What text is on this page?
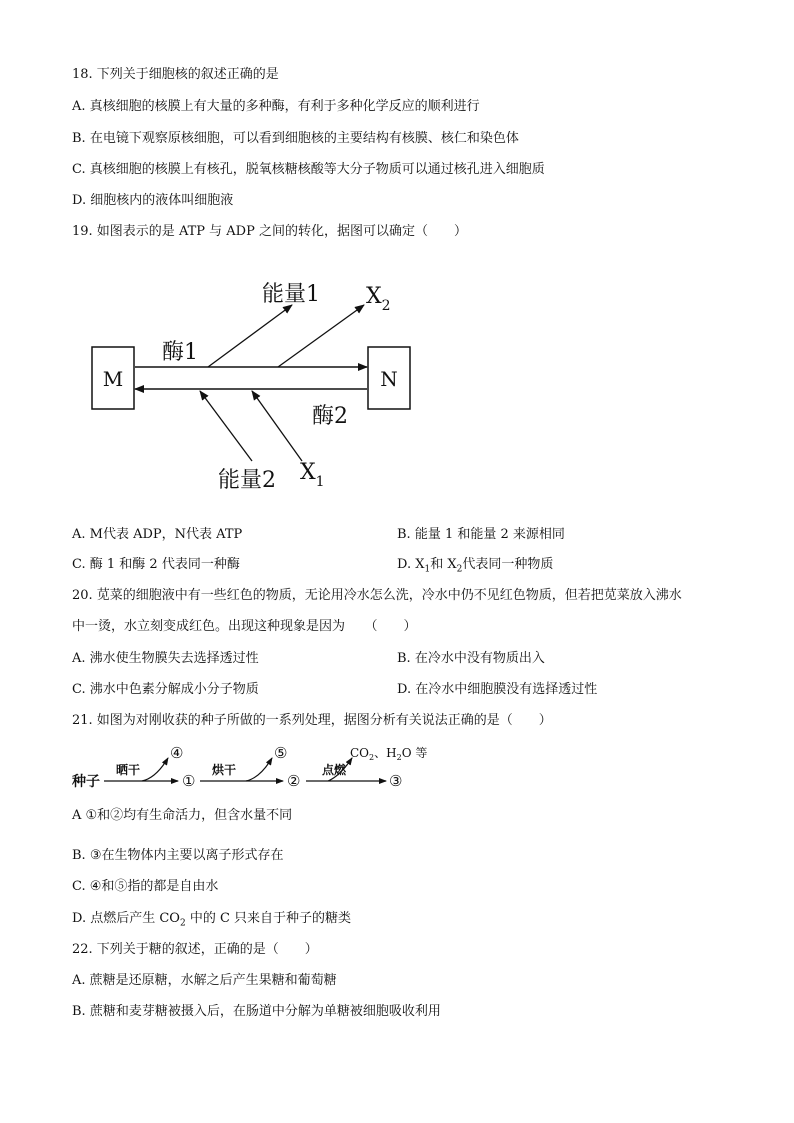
18. 下列关于细胞核的叙述正确的是
A. 真核细胞的核膜上有大量的多种酶，有利于多种化学反应的顺利进行
B. 在电镜下观察原核细胞，可以看到细胞核的主要结构有核膜、核仁和染色体
C. 真核细胞的核膜上有核孔，脱氧核糖核酸等大分子物质可以通过核孔进入细胞质
D. 细胞核内的液体叫细胞液
19. 如图表示的是 ATP 与 ADP 之间的转化，据图可以确定（　　）
M	N
酶1
酶2
能量1
能量2
$X_2$
$X_1$
A. M代表 ADP，N代表 ATP	B. 能量 1 和能量 2 来源相同
C. 酶 1 和酶 2 代表同一种酶	D. $X_1$和 $X_2$代表同一种物质
20. 苋菜的细胞液中有一些红色的物质，无论用冷水怎么洗，冷水中仍不见红色物质，但若把苋菜放入沸水
中一烫，水立刻变成红色。出现这种现象是因为　　（　　）
A. 沸水使生物膜失去选择透过性	B. 在冷水中没有物质出入
C. 沸水中色素分解成小分子物质	D. 在冷水中细胞膜没有选择透过性
21. 如图为对刚收获的种子所做的一系列处理，据图分析有关说法正确的是（　　）
种子
晒干
④
①
烘干
⑤
②
点燃
$CO_2$、$H_2O$ 等
③
A ①和②均有生命活力，但含水量不同
B. ③在生物体内主要以离子形式存在
C. ④和⑤指的都是自由水
D. 点燃后产生 $CO_2$ 中的 C 只来自于种子的糖类
22. 下列关于糖的叙述，正确的是（　　）
A. 蔗糖是还原糖，水解之后产生果糖和葡萄糖
B. 蔗糖和麦芽糖被摄入后，在肠道中分解为单糖被细胞吸收利用
